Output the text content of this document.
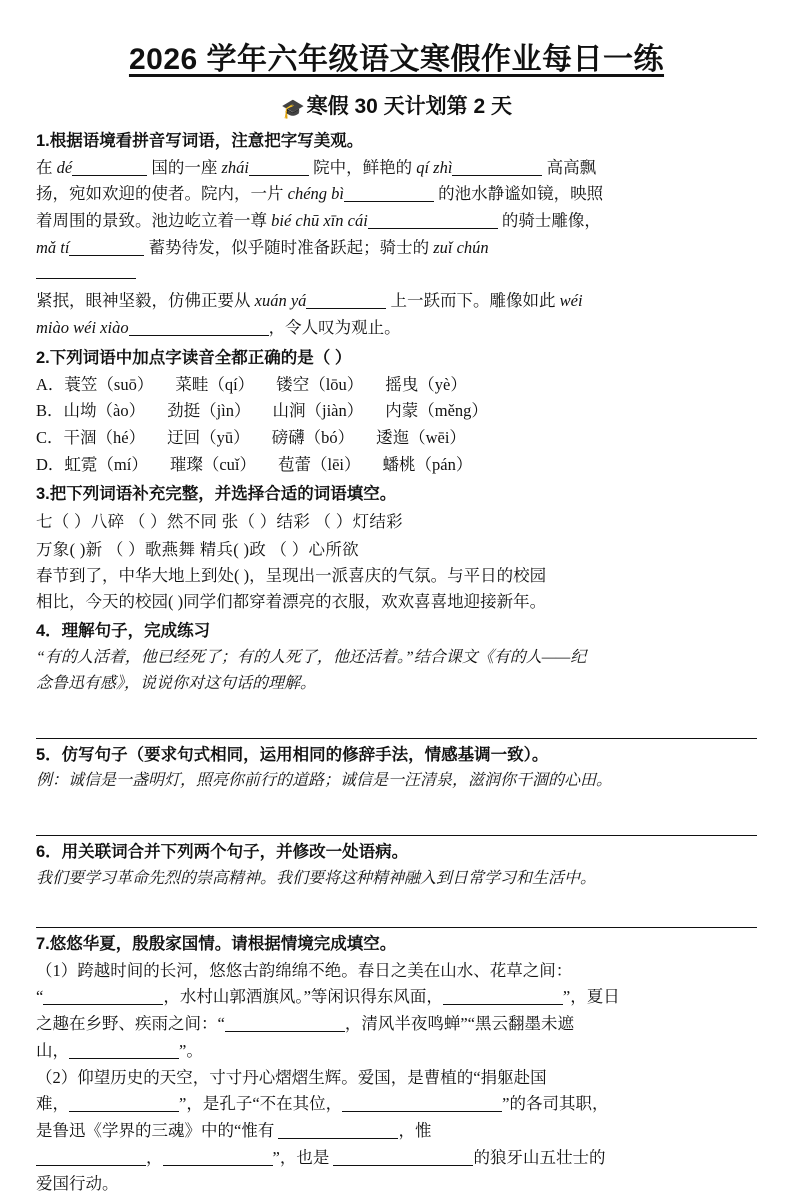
2026 学年六年级语文寒假作业每日一练
🎓寒假 30 天计划第 2 天
1.根据语境看拼音写词语，注意把字写美观。
在 dé	国的一座 zhái	院中，鲜艳的 qí zhì	高高飘
扬，宛如欢迎的使者。院内，一片 chéng bì	的池水静谧如镜，映照
着周围的景致。池边屹立着一尊 bié chū xīn cái	的骑士雕像，
mǎ tí	蓄势待发，似乎随时准备跃起；骑士的 zuǐ chún

紧抿，眼神坚毅，仿佛正要从 xuán yá	上一跃而下。雕像如此 wéi
miào wéi xiào	，令人叹为观止。
2.下列词语中加点字读音全都正确的是（ ）
A．蓑笠（suō） 菜畦（qí） 镂空（lōu） 摇曳（yè）
B．山坳（ào） 劲挺（jìn） 山涧（jiàn） 内蒙（měng）
C．干涸（hé） 迂回（yū） 磅礴（bó） 逶迤（wēi）
D．虹霓（mí） 璀璨（cuǐ） 苞蕾（lēi） 蟠桃（pán）
3.把下列词语补充完整，并选择合适的词语填空。
七（ ）八碎 （ ）然不同 张（ ）结彩 （ ）灯结彩
万象( )新 （ ）歌燕舞 精兵( )政 （ ）心所欲
春节到了，中华大地上到处( )，呈现出一派喜庆的气氛。与平日的校园
相比，今天的校园( )同学们都穿着漂亮的衣服，欢欢喜喜地迎接新年。
4．理解句子，完成练习
“有的人活着，他已经死了；有的人死了，他还活着。”结合课文《有的人——纪
念鲁迅有感》，说说你对这句话的理解。
5．仿写句子（要求句式相同，运用相同的修辞手法，情感基调一致）。
例：诚信是一盏明灯，照亮你前行的道路；诚信是一汪清泉，滋润你干涸的心田。
6．用关联词合并下列两个句子，并修改一处语病。
我们要学习革命先烈的崇高精神。我们要将这种精神融入到日常学习和生活中。
7.悠悠华夏，殷殷家国情。请根据情境完成填空。
（1）跨越时间的长河，悠悠古韵绵绵不绝。春日之美在山水、花草之间：
“	，水村山郭酒旗风。”等闲识得东风面，	”，夏日
之趣在乡野、疾雨之间：“	，清风半夜鸣蝉”“黑云翻墨未遮
山，	”。
（2）仰望历史的天空，寸寸丹心熠熠生辉。爱国，是曹植的“捐躯赴国
难，	”，是孔子“不在其位，	”的各司其职，
是鲁迅《学界的三魂》中的“惟有	，惟
，	”，也是	的狼牙山五壮士的
爱国行动。
